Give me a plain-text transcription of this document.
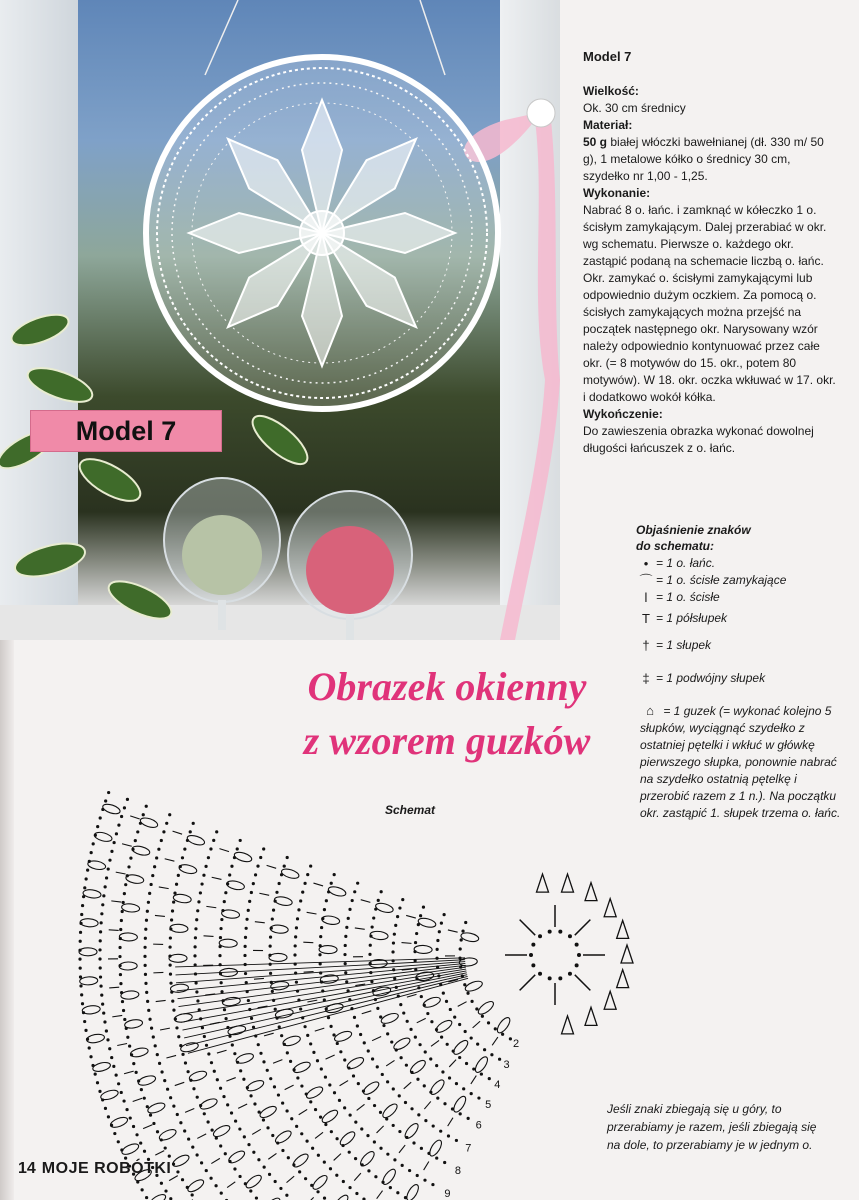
Model 7
Model 7
Wielkość:

Ok. 30 cm średnicy

Materiał:

50 g białej włóczki bawełnianej (dł. 330 m/ 50 g), 1 metalowe kółko o średnicy 30 cm, szydełko nr 1,00 - 1,25.

Wykonanie:

Nabrać 8 o. łańc. i zamknąć w kółeczko 1 o. ścisłym zamykającym. Dalej przerabiać w okr. wg schematu. Pierwsze o. każdego okr. zastąpić podaną na schemacie liczbą o. łańc. Okr. zamykać o. ścisłymi zamykającymi lub odpowiednio dużym oczkiem. Za pomocą o. ścisłych zamykających można przejść na początek następnego okr. Narysowany wzór należy odpowiednio kontynuować przez całe okr. (= 8 motywów do 15. okr., potem 80 motywów). W 18. okr. oczka wkłuwać w 17. okr. i dodatkowo wokół kółka.

Wykończenie:

Do zawieszenia obrazka wykonać dowolnej długości łańcuszek z o. łańc.

Objaśnienie znaków
do schematu:
• = 1 o. łańc.
⌒ = 1 o. ścisłe zamykające
ǀ = 1 o. ścisłe
T = 1 półsłupek
† = 1 słupek
‡ = 1 podwójny słupek
⌂ = 1 guzek (= wykonać kolejno 5 słupków, wyciągnąć szydełko z ostatniej pętelki i wkłuć w główkę pierwszego słupka, ponownie nabrać na szydełko ostatnią pętelkę i przerobić razem z 1 n.). Na początku okr. zastąpić 1. słupek trzema o. łańc.
Obrazek okienny
z wzorem guzków
Schemat
2
3
4
5
6
7
8
9
Jeśli znaki zbiegają się u góry, to przerabiamy je razem, jeśli zbiegają się na dole, to przerabiamy je w jednym o.
14 MOJE ROBÓTKI
